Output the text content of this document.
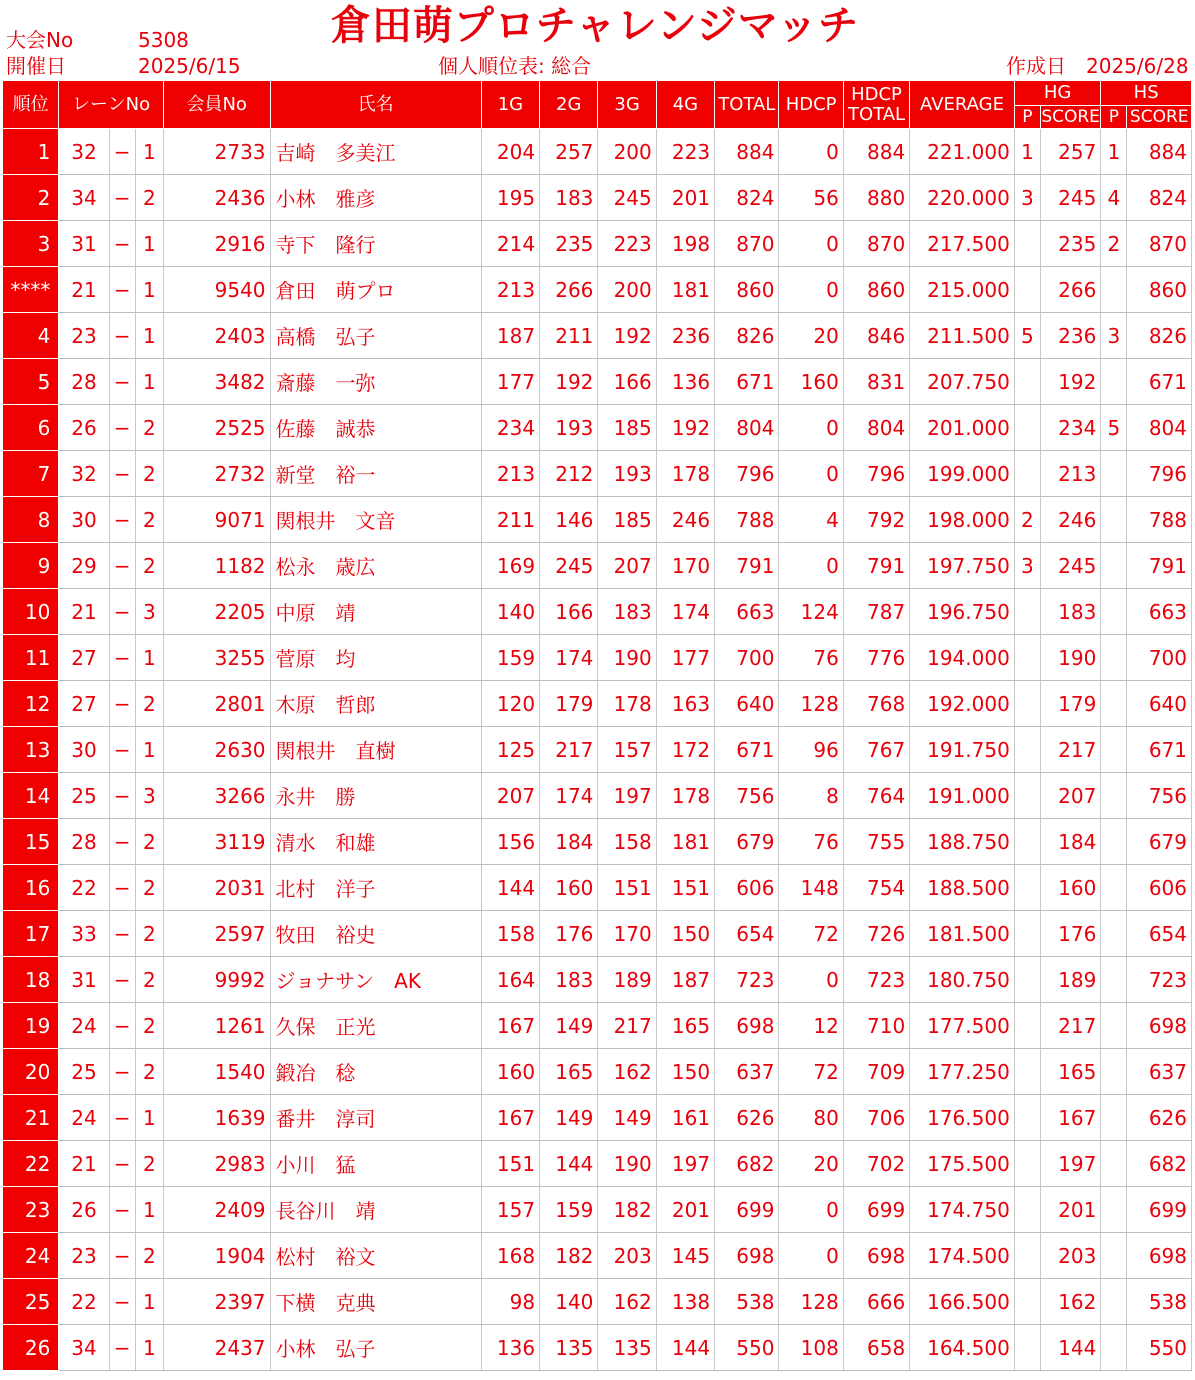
大会No	5308
開催日	2025/6/15
倉田萌プロチャレンジマッチ
個人順位表: 総合	作成日 2025/6/28
順位	レーンNo			会員No	氏名	1G	2G	3G	4G	TOTAL	HDCP	HDCP
TOTAL	AVERAGE	HG		HS	
														P	SCORE	P	SCORE
1	32	−	1	2733	吉崎　多美江	204	257	200	223	884	0	884	221.000	1	257	1	884
2	34	−	2	2436	小林　雅彦	195	183	245	201	824	56	880	220.000	3	245	4	824
3	31	−	1	2916	寺下　隆行	214	235	223	198	870	0	870	217.500		235	2	870
****	21	−	1	9540	倉田　萌プロ	213	266	200	181	860	0	860	215.000		266		860
4	23	−	1	2403	高橋　弘子	187	211	192	236	826	20	846	211.500	5	236	3	826
5	28	−	1	3482	斎藤　一弥	177	192	166	136	671	160	831	207.750		192		671
6	26	−	2	2525	佐藤　誠恭	234	193	185	192	804	0	804	201.000		234	5	804
7	32	−	2	2732	新堂　裕一	213	212	193	178	796	0	796	199.000		213		796
8	30	−	2	9071	関根井　文音	211	146	185	246	788	4	792	198.000	2	246		788
9	29	−	2	1182	松永　歳広	169	245	207	170	791	0	791	197.750	3	245		791
10	21	−	3	2205	中原　靖	140	166	183	174	663	124	787	196.750		183		663
11	27	−	1	3255	菅原　均	159	174	190	177	700	76	776	194.000		190		700
12	27	−	2	2801	木原　哲郎	120	179	178	163	640	128	768	192.000		179		640
13	30	−	1	2630	関根井　直樹	125	217	157	172	671	96	767	191.750		217		671
14	25	−	3	3266	永井　勝	207	174	197	178	756	8	764	191.000		207		756
15	28	−	2	3119	清水　和雄	156	184	158	181	679	76	755	188.750		184		679
16	22	−	2	2031	北村　洋子	144	160	151	151	606	148	754	188.500		160		606
17	33	−	2	2597	牧田　裕史	158	176	170	150	654	72	726	181.500		176		654
18	31	−	2	9992	ジョナサン　AK	164	183	189	187	723	0	723	180.750		189		723
19	24	−	2	1261	久保　正光	167	149	217	165	698	12	710	177.500		217		698
20	25	−	2	1540	鍛冶　稔	160	165	162	150	637	72	709	177.250		165		637
21	24	−	1	1639	番井　淳司	167	149	149	161	626	80	706	176.500		167		626
22	21	−	2	2983	小川　猛	151	144	190	197	682	20	702	175.500		197		682
23	26	−	1	2409	長谷川　靖	157	159	182	201	699	0	699	174.750		201		699
24	23	−	2	1904	松村　裕文	168	182	203	145	698	0	698	174.500		203		698
25	22	−	1	2397	下横　克典	98	140	162	138	538	128	666	166.500		162		538
26	34	−	1	2437	小林　弘子	136	135	135	144	550	108	658	164.500		144		550
